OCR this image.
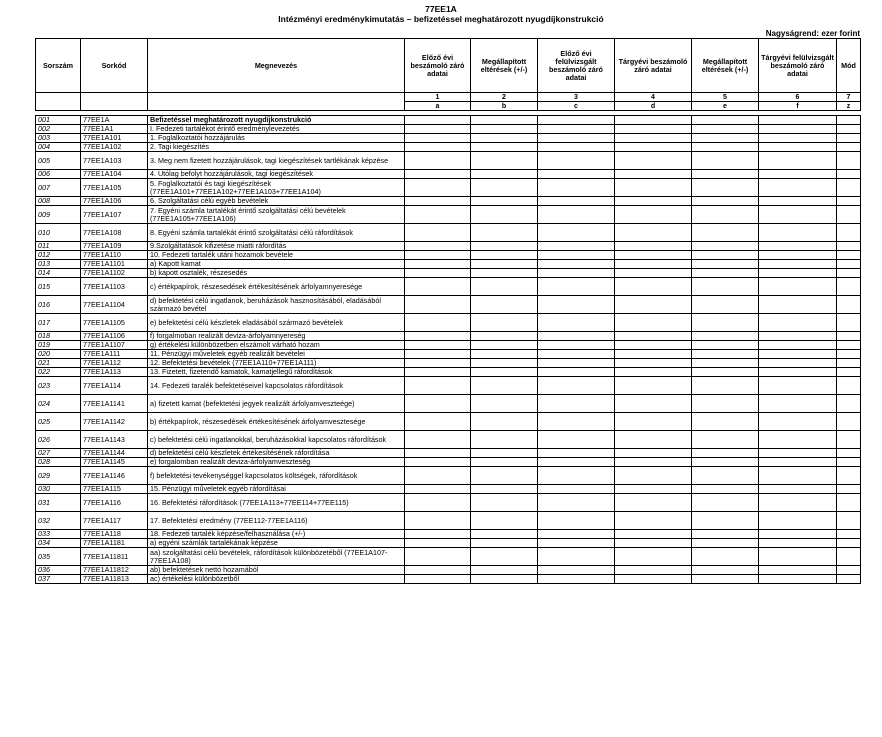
77EE1A
Intézményi eredménykimutatás – befizetéssel meghatározott nyugdíjkonstrukció
Nagyságrend: ezer forint
Sorszám	Sorkód	Megnevezés	Előző évi beszámoló záró adatai	Megállapított eltérések (+/-)	Előző évi felülvizsgált beszámoló záró adatai	Tárgyévi beszámoló záró adatai	Megállapított eltérések (+/-)	Tárgyévi felülvizsgált beszámoló záró adatai	Mód
			1	2	3	4	5	6	7
			a	b	c	d	e	f	z

001	77EE1A	Befizetéssel meghatározott nyugdíjkonstrukció							
002	77EE1A1	I. Fedezeti tartalékot érintő eredménylevezetés							
003	77EE1A101	1. Foglalkoztatói hozzájárulás							
004	77EE1A102	2. Tagi kiegészítés							
005	77EE1A103	3. Meg nem fizetett hozzájárulások, tagi kiegészítések tartlékának képzése							
006	77EE1A104	4. Utólag befolyt hozzájárulások, tagi kiegészítések							
007	77EE1A105	5. Foglalkoztatói és tagi kiegészítések (77EE1A101+77EE1A102+77EE1A103+77EE1A104)							
008	77EE1A106	6. Szolgáltatási célú egyéb bevételek							
009	77EE1A107	7. Egyéni számla tartalékát érintő szolgáltatási célú bevételek (77EE1A105+77EE1A106)							
010	77EE1A108	8. Egyéni számla tartalékát érintő szolgáltatási célú ráfordítások							
011	77EE1A109	9.Szolgáltatások kifizetése miatti ráfordítás							
012	77EE1A110	10. Fedezeti tartalék utáni hozamok bevétele							
013	77EE1A1101	a) Kapott kamat							
014	77EE1A1102	b) kapott osztalék, részesedés							
015	77EE1A1103	c) értékpapírok, részesedések értékesítésének árfolyamnyeresége							
016	77EE1A1104	d) befektetési célú ingatlanok, beruházások hasznosításából, eladásából származó bevétel							
017	77EE1A1105	e) befektetési célú készletek eladásából származó bevételek							
018	77EE1A1106	f) forgalmoban realizált deviza-árfolyamnyereség							
019	77EE1A1107	g) értékelési különbözetben elszámolt várható hozam							
020	77EE1A111	11. Pénzügyi műveletek egyéb realizált bevételei							
021	77EE1A112	12. Befektetési bevételek (77EE1A110+77EE1A111)							
022	77EE1A113	13. Fizetett, fizetendő kamatok, kamatjellegű ráfordítások							
023	77EE1A114	14. Fedezeti taralék befektetéseivel kapcsolatos ráfordítások							
024	77EE1A1141	a) fizetett kamat (befektetési jegyek realizált árfolyamveszteége)							
025	77EE1A1142	b) értékpapírok, részesedések értékesítésének árfolyamvesztesége							
026	77EE1A1143	c) befektetési célú ingatlanokkal, beruházásokkal kapcsolatos ráfordítások							
027	77EE1A1144	d) befektetési célú készletek értékesítésének ráfordítása							
028	77EE1A1145	e) forgalomban realizált deviza-árfolyamveszteség							
029	77EE1A1146	f) befektetési tevékenységgel kapcsolatos költségek, ráfordítások							
030	77EE1A115	15. Pénzügyi műveletek egyéb ráfordításai							
031	77EE1A116	16. Befektetési ráfordítások (77EE1A113+77EE114+77EE115)							
032	77EE1A117	17. Befektetési eredmény (77EE112-77EE1A116)							
033	77EE1A118	18. Fedezeti tartalék képzése/felhasználása (+/-)							
034	77EE1A1181	a) egyéni számlák tartalékának képzése							
035	77EE1A11811	aa) szolgáltatási célú bevételek, ráfordítások különbözetéből (77EE1A107-77EE1A108)							
036	77EE1A11812	ab) befektetések nettó hozamából							
037	77EE1A11813	ac) értékelési különbözetből							
